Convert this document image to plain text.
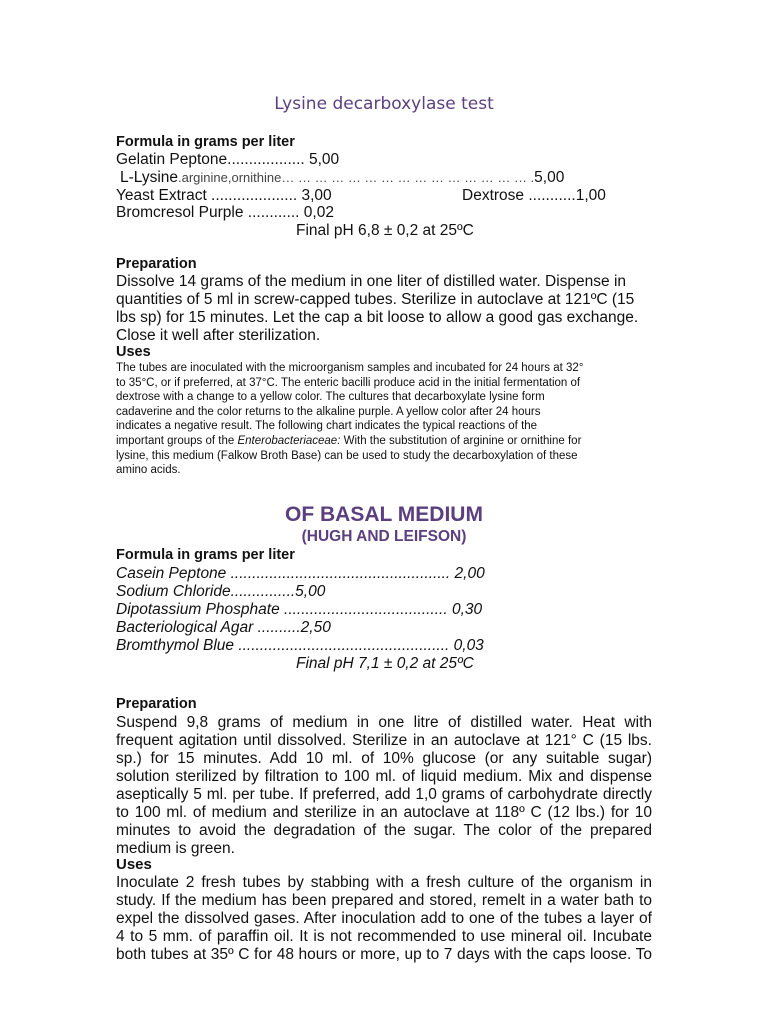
Lysine decarboxylase test
Formula in grams per liter
Gelatin Peptone.................. 5,00
L-Lysine.arginine,ornithine… … … … … … … … … … … … … … … .5,00
Yeast Extract .................... 3,00	Dextrose ...........1,00
Bromcresol Purple ............ 0,02
Final pH 6,8 ± 0,2 at 25ºC
Preparation
Dissolve 14 grams of the medium in one liter of distilled water. Dispense in
quantities of 5 ml in screw-capped tubes. Sterilize in autoclave at 121ºC (15
lbs sp) for 15 minutes. Let the cap a bit loose to allow a good gas exchange.
Close it well after sterilization.
Uses
The tubes are inoculated with the microorganism samples and incubated for 24 hours at 32°
to 35°C, or if preferred, at 37°C. The enteric bacilli produce acid in the initial fermentation of
dextrose with a change to a yellow color. The cultures that decarboxylate lysine form
cadaverine and the color returns to the alkaline purple. A yellow color after 24 hours
indicates a negative result. The following chart indicates the typical reactions of the
important groups of the Enterobacteriaceae: With the substitution of arginine or ornithine for
lysine, this medium (Falkow Broth Base) can be used to study the decarboxylation of these
amino acids.
OF BASAL MEDIUM
(HUGH AND LEIFSON)
Formula in grams per liter
Casein Peptone ................................................... 2,00
Sodium Chloride...............5,00
Dipotassium Phosphate ...................................... 0,30
Bacteriological Agar ..........2,50
Bromthymol Blue ................................................. 0,03
Final pH 7,1 ± 0,2 at 25ºC
Preparation
Suspend 9,8 grams of medium in one litre of distilled water. Heat with
frequent agitation until dissolved. Sterilize in an autoclave at 121° C (15 lbs.
sp.) for 15 minutes. Add 10 ml. of 10% glucose (or any suitable sugar)
solution sterilized by filtration to 100 ml. of liquid medium. Mix and dispense
aseptically 5 ml. per tube. If preferred, add 1,0 grams of carbohydrate directly
to 100 ml. of medium and sterilize in an autoclave at 118º C (12 lbs.) for 10
minutes to avoid the degradation of the sugar. The color of the prepared
medium is green.
Uses
Inoculate 2 fresh tubes by stabbing with a fresh culture of the organism in
study. If the medium has been prepared and stored, remelt in a water bath to
expel the dissolved gases. After inoculation add to one of the tubes a layer of
4 to 5 mm. of paraffin oil. It is not recommended to use mineral oil. Incubate
both tubes at 35º C for 48 hours or more, up to 7 days with the caps loose. To
